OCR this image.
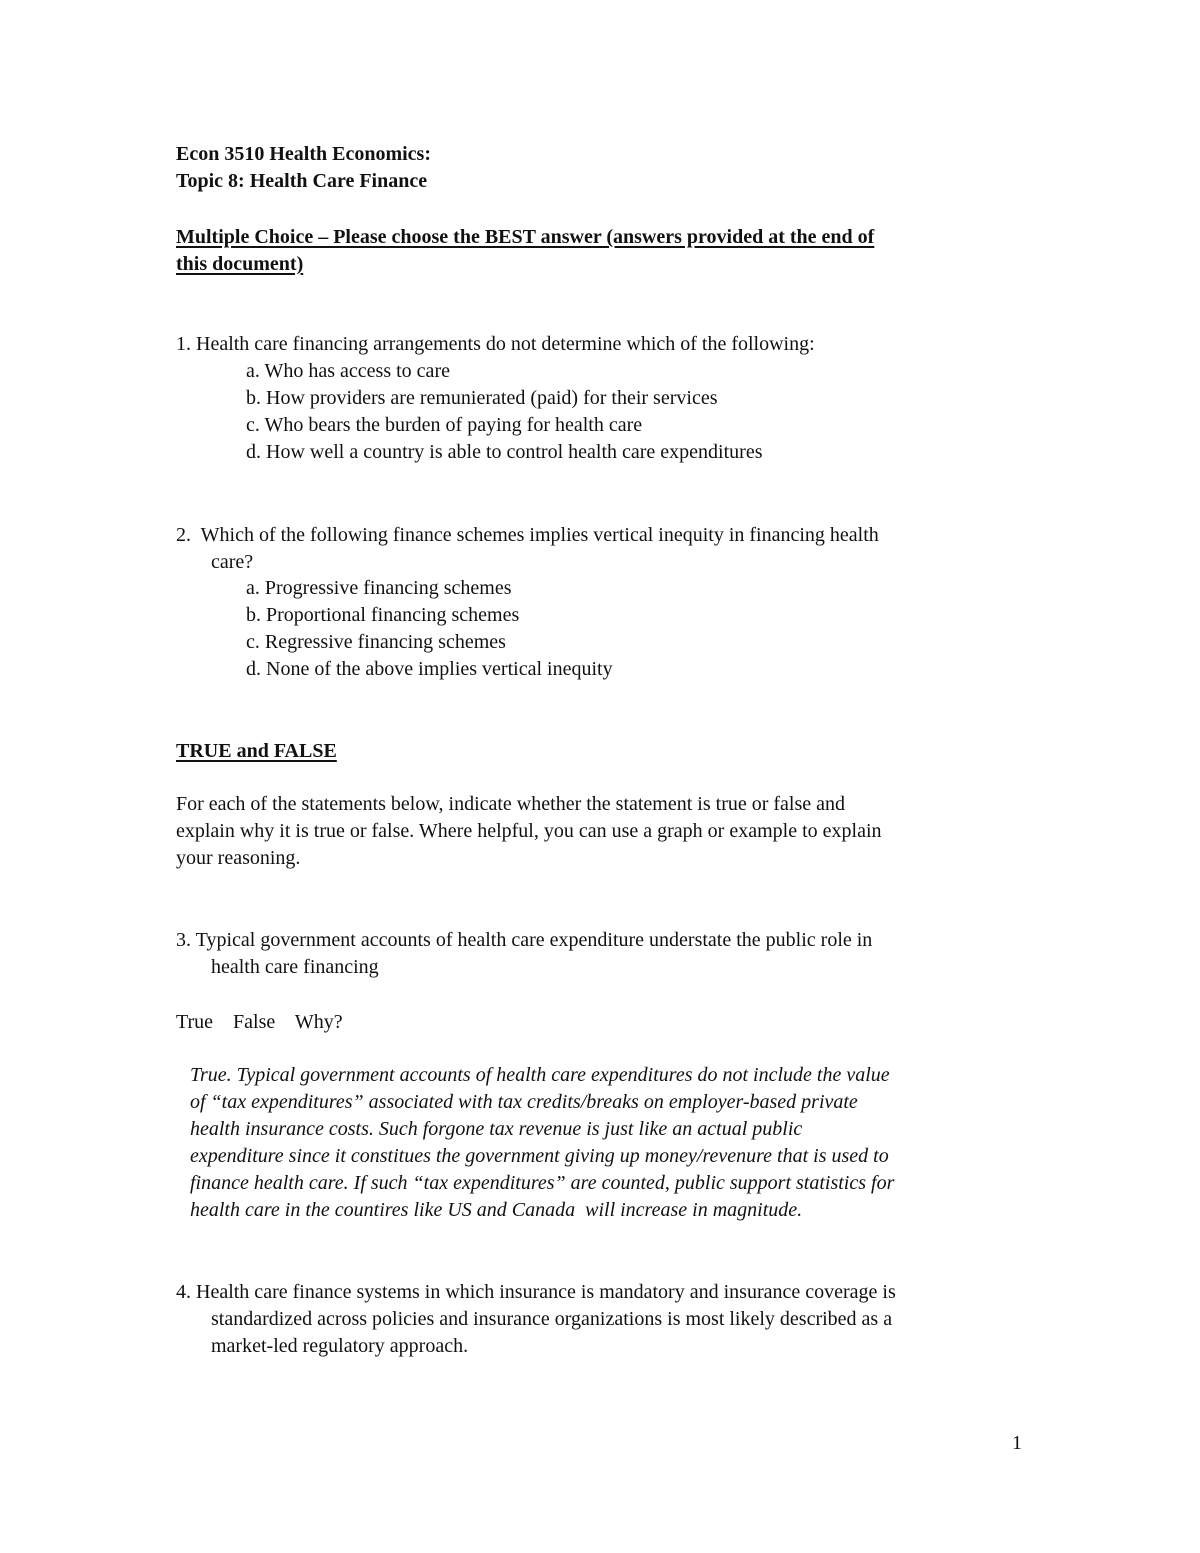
Econ 3510 Health Economics:
Topic 8: Health Care Finance
Multiple Choice – Please choose the BEST answer (answers provided at the end of
this document)
1. Health care financing arrangements do not determine which of the following:
a. Who has access to care
b. How providers are remunierated (paid) for their services
c. Who bears the burden of paying for health care
d. How well a country is able to control health care expenditures
2. Which of the following finance schemes implies vertical inequity in financing health
care?
a. Progressive financing schemes
b. Proportional financing schemes
c. Regressive financing schemes
d. None of the above implies vertical inequity
TRUE and FALSE
For each of the statements below, indicate whether the statement is true or false and
explain why it is true or false. Where helpful, you can use a graph or example to explain
your reasoning.
3. Typical government accounts of health care expenditure understate the public role in
health care financing
True    False    Why?
True. Typical government accounts of health care expenditures do not include the value
of “tax expenditures” associated with tax credits/breaks on employer-based private
health insurance costs. Such forgone tax revenue is just like an actual public
expenditure since it constitues the government giving up money/revenure that is used to
finance health care. If such “tax expenditures” are counted, public support statistics for
health care in the countires like US and Canada  will increase in magnitude.
4. Health care finance systems in which insurance is mandatory and insurance coverage is
standardized across policies and insurance organizations is most likely described as a
market-led regulatory approach.
1
